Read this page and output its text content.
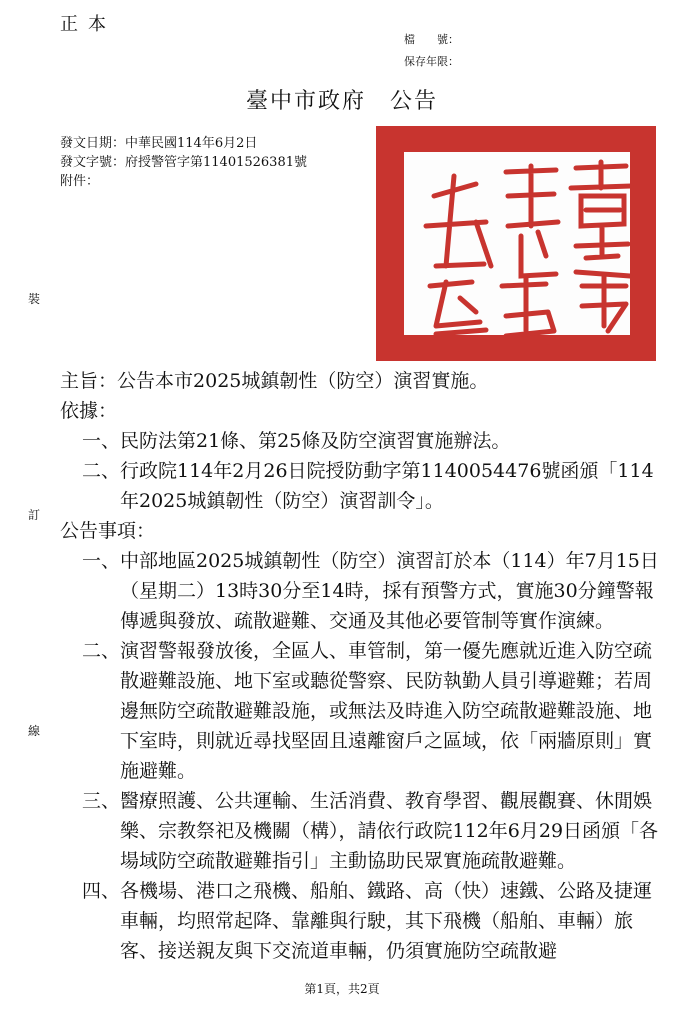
正本
檔　　號：
保存年限：
臺中市政府　公告
發文日期：中華民國114年6月2日
發文字號：府授警管字第11401526381號
附件：
裝
訂
線
主旨： 公告本市2025城鎮韌性（防空）演習實施。
依據：
一、 民防法第21條、第25條及防空演習實施辦法。
二、 行政院114年2月26日院授防動字第1140054476號函頒「114年2025城鎮韌性（防空）演習訓令」。
公告事項：
一、 中部地區2025城鎮韌性（防空）演習訂於本（114）年7月15日（星期二）13時30分至14時，採有預警方式，實施30分鐘警報傳遞與發放、疏散避難、交通及其他必要管制等實作演練。
二、 演習警報發放後，全區人、車管制，第一優先應就近進入防空疏散避難設施、地下室或聽從警察、民防執勤人員引導避難；若周邊無防空疏散避難設施，或無法及時進入防空疏散避難設施、地下室時，則就近尋找堅固且遠離窗戶之區域，依「兩牆原則」實施避難。
三、 醫療照護、公共運輸、生活消費、教育學習、觀展觀賽、休閒娛樂、宗教祭祀及機關（構），請依行政院112年6月29日函頒「各場域防空疏散避難指引」主動協助民眾實施疏散避難。
四、 各機場、港口之飛機、船舶、鐵路、高（快）速鐵、公路及捷運車輛，均照常起降、靠離與行駛，其下飛機（船舶、車輛）旅客、接送親友與下交流道車輛，仍須實施防空疏散避
第1頁，共2頁
